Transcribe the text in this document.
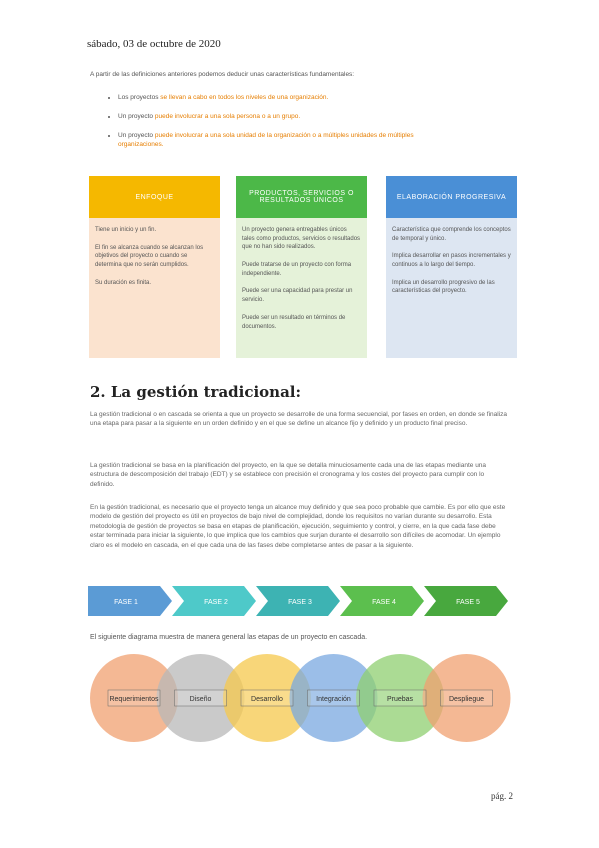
sábado, 03 de octubre de 2020
A partir de las definiciones anteriores podemos deducir unas características fundamentales:
• Los proyectos se llevan a cabo en todos los niveles de una organización.
• Un proyecto puede involucrar a una sola persona o a un grupo.
• Un proyecto puede involucrar a una sola unidad de la organización o a múltiples unidades de múltiples organizaciones.
ENFOQUE

Tiene un inicio y un fin.

El fin se alcanza cuando se alcanzan los objetivos del proyecto o cuando se determina que no serán cumplidos.

Su duración es finita.

PRODUCTOS, SERVICIOS O RESULTADOS ÚNICOS

Un proyecto genera entregables únicos tales como productos, servicios o resultados que no han sido realizados.

Puede tratarse de un proyecto con forma independiente.

Puede ser una capacidad para prestar un servicio.

Puede ser un resultado en términos de documentos.

ELABORACIÓN PROGRESIVA

Característica que comprende los conceptos de temporal y único.

Implica desarrollar en pasos incrementales y continuos a lo largo del tiempo.

Implica un desarrollo progresivo de las características del proyecto.

2. La gestión tradicional:
La gestión tradicional o en cascada se orienta a que un proyecto se desarrolle de una forma secuencial, por fases en orden, en donde se finaliza una etapa para pasar a la siguiente en un orden definido y en el que se define un alcance fijo y definido y un producto final preciso.
La gestión tradicional se basa en la planificación del proyecto, en la que se detalla minuciosamente cada una de las etapas mediante una estructura de descomposición del trabajo (EDT) y se establece con precisión el cronograma y los costes del proyecto para cumplir con lo definido.
En la gestión tradicional, es necesario que el proyecto tenga un alcance muy definido y que sea poco probable que cambie. Es por ello que este modelo de gestión del proyecto es útil en proyectos de bajo nivel de complejidad, donde los requisitos no varían durante su desarrollo. Esta metodología de gestión de proyectos se basa en etapas de planificación, ejecución, seguimiento y control, y cierre, en la que cada fase debe estar terminada para iniciar la siguiente, lo que implica que los cambios que surjan durante el desarrollo son difíciles de acomodar. Un ejemplo claro es el modelo en cascada, en el que cada una de las fases debe completarse antes de pasar a la siguiente.
FASE 1	FASE 2	FASE 3	FASE 4	FASE 5
El siguiente diagrama muestra de manera general las etapas de un proyecto en cascada.
Requerimientos	Diseño	Desarrollo	Integración	Pruebas	Despliegue
pág. 2
